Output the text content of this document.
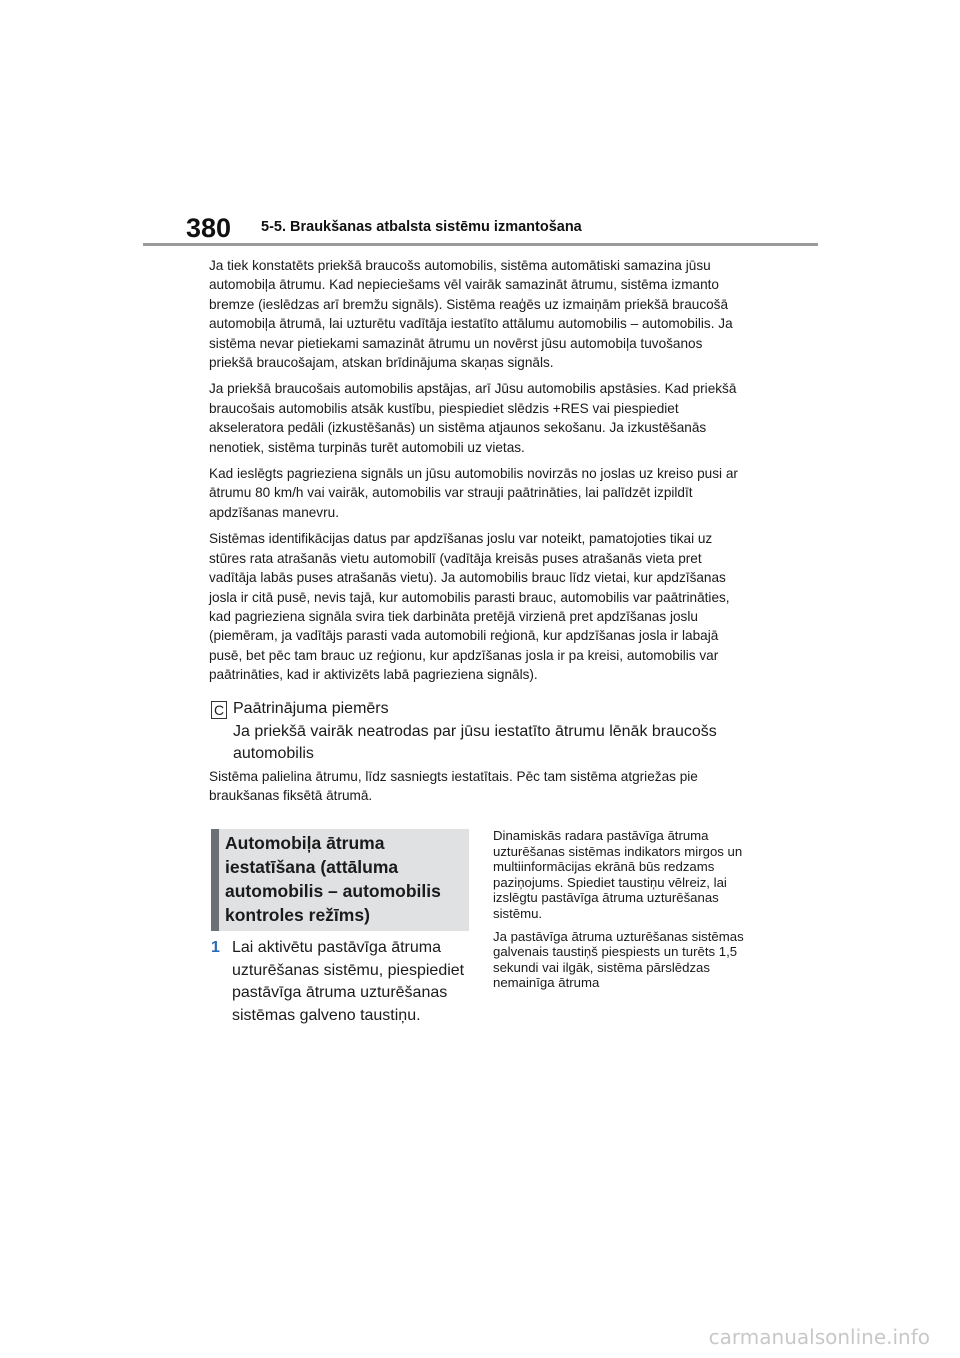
380 5-5. Braukšanas atbalsta sistēmu izmantošana

Ja tiek konstatēts priekšā braucošs automobilis, sistēma automātiski samazina jūsu automobiļa ātrumu. Kad nepieciešams vēl vairāk samazināt ātrumu, sistēma izmanto bremze (ieslēdzas arī bremžu signāls). Sistēma reaģēs uz izmaiņām priekšā braucošā automobiļa ātrumā, lai uzturētu vadītāja iestatīto attālumu automobilis – automobilis. Ja sistēma nevar pietiekami samazināt ātrumu un novērst jūsu automobiļa tuvošanos priekšā braucošajam, atskan brīdinājuma skaņas signāls.

Ja priekšā braucošais automobilis apstājas, arī Jūsu automobilis apstāsies. Kad priekšā braucošais automobilis atsāk kustību, piespiediet slēdzis +RES vai piespiediet akseleratora pedāli (izkustēšanās) un sistēma atjaunos sekošanu. Ja izkustēšanās nenotiek, sistēma turpinās turēt automobili uz vietas.

Kad ieslēgts pagrieziena signāls un jūsu automobilis novirzās no joslas uz kreiso pusi ar ātrumu 80 km/h vai vairāk, automobilis var strauji paātrināties, lai palīdzēt izpildīt apdzīšanas manevru.

Sistēmas identifikācijas datus par apdzīšanas joslu var noteikt, pamatojoties tikai uz stūres rata atrašanās vietu automobilī (vadītāja kreisās puses atrašanās vieta pret vadītāja labās puses atrašanās vietu). Ja automobilis brauc līdz vietai, kur apdzīšanas josla ir citā pusē, nevis tajā, kur automobilis parasti brauc, automobilis var paātrināties, kad pagrieziena signāla svira tiek darbināta pretējā virzienā pret apdzīšanas joslu (piemēram, ja vadītājs parasti vada automobili reģionā, kur apdzīšanas josla ir labajā pusē, bet pēc tam brauc uz reģionu, kur apdzīšanas josla ir pa kreisi, automobilis var paātrināties, kad ir aktivizēts labā pagrieziena signāls).

C Paātrinājuma piemērs
Ja priekšā vairāk neatrodas par jūsu iestatīto ātrumu lēnāk braucošs automobilis
Sistēma palielina ātrumu, līdz sasniegts iestatītais. Pēc tam sistēma atgriežas pie braukšanas fiksētā ātrumā.
Automobiļa ātruma iestatīšana (attāluma automobilis – automobilis kontroles režīms)
1 Lai aktivētu pastāvīga ātruma uzturēšanas sistēmu, piespiediet pastāvīga ātruma uzturēšanas sistēmas galveno taustiņu.

Dinamiskās radara pastāvīga ātruma uzturēšanas sistēmas indikators mirgos un multiinformācijas ekrānā būs redzams paziņojums. Spiediet taustiņu vēlreiz, lai izslēgtu pastāvīga ātruma uzturēšanas sistēmu.

Ja pastāvīga ātruma uzturēšanas sistēmas galvenais taustiņš piespiests un turēts 1,5 sekundi vai ilgāk, sistēma pārslēdzas nemainīga ātruma

carmanualsonline.info
